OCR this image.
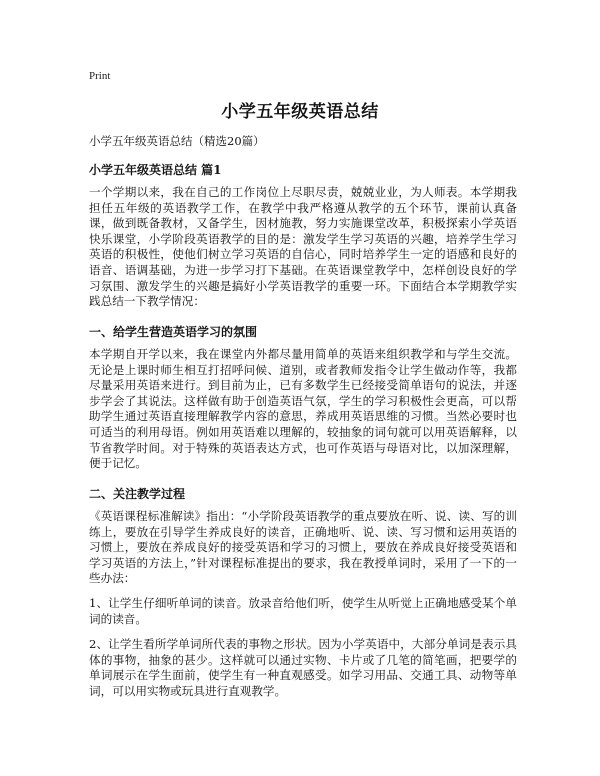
Print
小学五年级英语总结
小学五年级英语总结（精选20篇）
小学五年级英语总结 篇1
一个学期以来，我在自己的工作岗位上尽职尽责，兢兢业业，为人师表。本学期我担任五年级的英语教学工作，在教学中我严格遵从教学的五个环节，课前认真备课，做到既备教材，又备学生，因材施教，努力实施课堂改革，积极探索小学英语快乐课堂，小学阶段英语教学的目的是：激发学生学习英语的兴趣，培养学生学习英语的积极性，使他们树立学习英语的自信心，同时培养学生一定的语感和良好的语音、语调基础，为进一步学习打下基础。在英语课堂教学中，怎样创设良好的学习氛围、激发学生的兴趣是搞好小学英语教学的重要一环。下面结合本学期教学实践总结一下教学情况：
一、给学生营造英语学习的氛围
本学期自开学以来，我在课堂内外都尽量用简单的英语来组织教学和与学生交流。无论是上课时师生相互打招呼问候、道别，或者教师发指令让学生做动作等，我都尽量采用英语来进行。到目前为止，已有多数学生已经接受简单语句的说法，并逐步学会了其说法。这样做有助于创造英语气氛，学生的学习积极性会更高，可以帮助学生通过英语直接理解教学内容的意思，养成用英语思维的习惯。当然必要时也可适当的利用母语。例如用英语难以理解的，较抽象的词句就可以用英语解释，以节省教学时间。对于特殊的英语表达方式，也可作英语与母语对比，以加深理解，便于记忆。
二、关注教学过程
《英语课程标准解读》指出：“小学阶段英语教学的重点要放在听、说、读、写的训练上，要放在引导学生养成良好的读音，正确地听、说、读、写习惯和运用英语的习惯上，要放在养成良好的接受英语和学习的习惯上，要放在养成良好接受英语和学习英语的方法上，”针对课程标准提出的要求，我在教授单词时，采用了一下的一些办法：
1、让学生仔细听单词的读音。放录音给他们听，使学生从听觉上正确地感受某个单词的读音。
2、让学生看所学单词所代表的事物之形状。因为小学英语中，大部分单词是表示具体的事物，抽象的甚少。这样就可以通过实物、卡片或了几笔的简笔画，把要学的单词展示在学生面前，使学生有一种直观感受。如学习用品、交通工具、动物等单词，可以用实物或玩具进行直观教学。
